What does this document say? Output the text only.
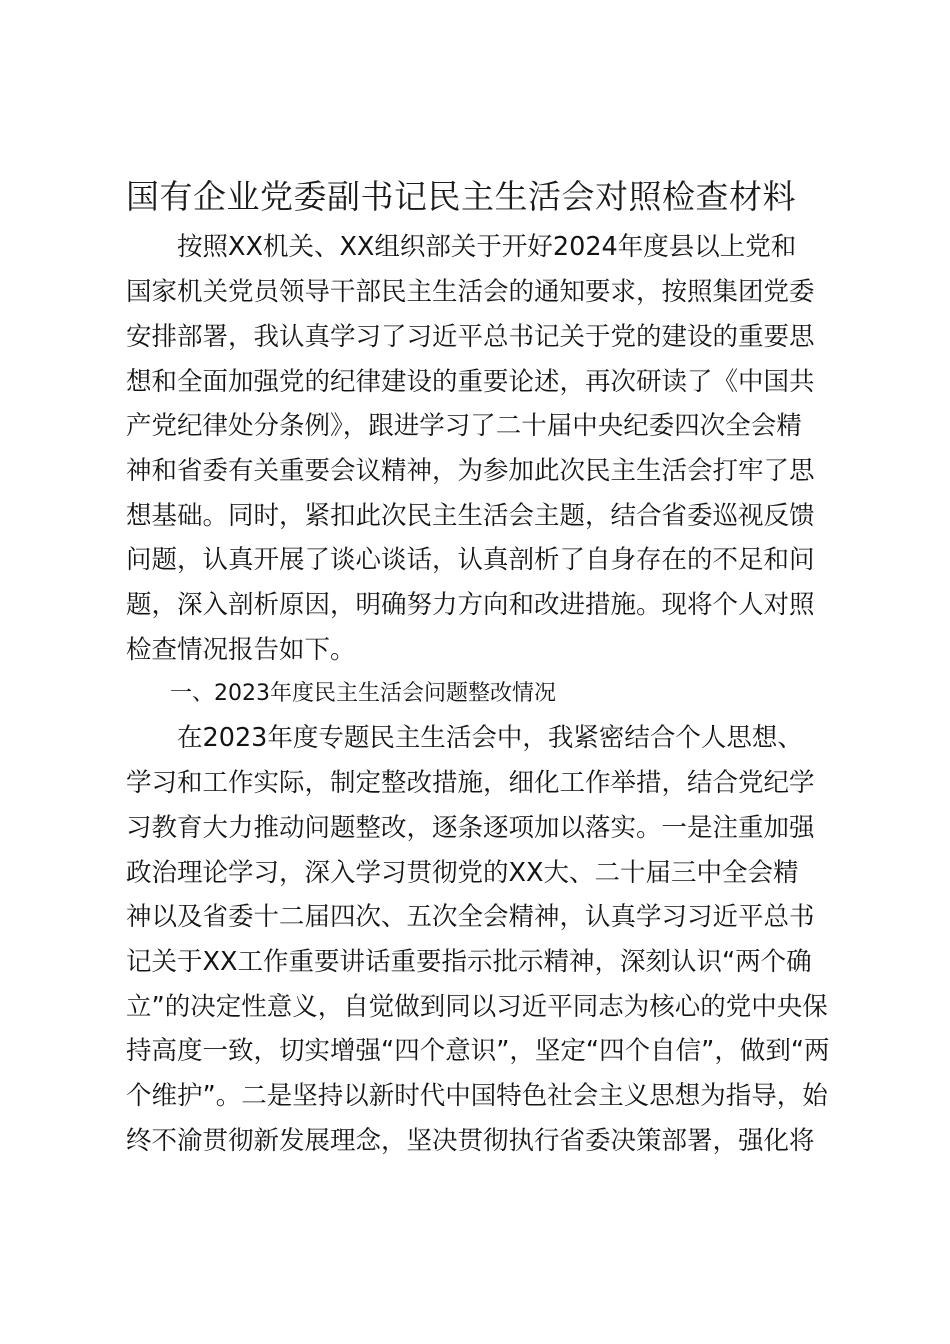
国有企业党委副书记民主生活会对照检查材料
　　按照XX机关、XX组织部关于开好2024年度县以上党和
国家机关党员领导干部民主生活会的通知要求，按照集团党委
安排部署，我认真学习了习近平总书记关于党的建设的重要思
想和全面加强党的纪律建设的重要论述，再次研读了《中国共
产党纪律处分条例》，跟进学习了二十届中央纪委四次全会精
神和省委有关重要会议精神，为参加此次民主生活会打牢了思
想基础。同时，紧扣此次民主生活会主题，结合省委巡视反馈
问题，认真开展了谈心谈话，认真剖析了自身存在的不足和问
题，深入剖析原因，明确努力方向和改进措施。现将个人对照
检查情况报告如下。
　　一、2023年度民主生活会问题整改情况
　　在2023年度专题民主生活会中，我紧密结合个人思想、
学习和工作实际，制定整改措施，细化工作举措，结合党纪学
习教育大力推动问题整改，逐条逐项加以落实。一是注重加强
政治理论学习，深入学习贯彻党的XX大、二十届三中全会精
神以及省委十二届四次、五次全会精神，认真学习习近平总书
记关于XX工作重要讲话重要指示批示精神，深刻认识“两个确
立”的决定性意义，自觉做到同以习近平同志为核心的党中央保
持高度一致，切实增强“四个意识”，坚定“四个自信”，做到“两
个维护”。二是坚持以新时代中国特色社会主义思想为指导，始
终不渝贯彻新发展理念，坚决贯彻执行省委决策部署，强化将
